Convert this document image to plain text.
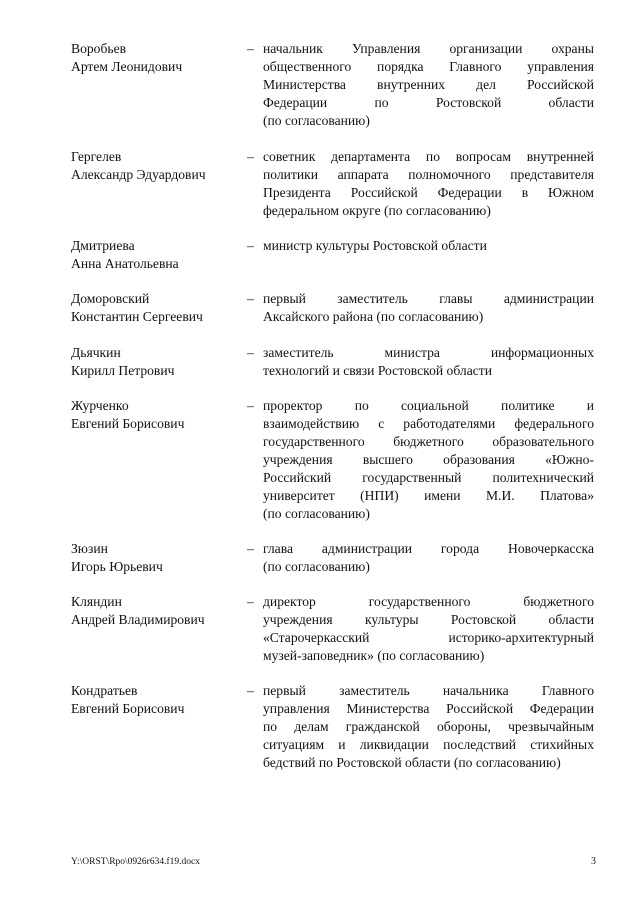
Воробьев
Артем Леонидович
– начальник Управления организации охраны
общественного порядка Главного управления
Министерства внутренних дел Российской
Федерации по Ростовской области
(по согласованию)
Гергелев
Александр Эдуардович
– советник департамента по вопросам внутренней
политики аппарата полномочного представителя
Президента Российской Федерации в Южном
федеральном округе (по согласованию)
Дмитриева
Анна Анатольевна
– министр культуры Ростовской области
Доморовский
Константин Сергеевич
– первый заместитель главы администрации
Аксайского района (по согласованию)
Дьячкин
Кирилл Петрович
– заместитель министра информационных
технологий и связи Ростовской области
Журченко
Евгений Борисович
– проректор по социальной политике и
взаимодействию с работодателями федерального
государственного бюджетного образовательного
учреждения высшего образования «Южно-
Российский государственный политехнический
университет (НПИ) имени М.И. Платова»
(по согласованию)
Зюзин
Игорь Юрьевич
– глава администрации города Новочеркасска
(по согласованию)
Кляндин
Андрей Владимирович
– директор государственного бюджетного
учреждения культуры Ростовской области
«Старочеркасский историко-архитектурный
музей-заповедник» (по согласованию)
Кондратьев
Евгений Борисович
– первый заместитель начальника Главного
управления Министерства Российской Федерации
по делам гражданской обороны, чрезвычайным
ситуациям и ликвидации последствий стихийных
бедствий по Ростовской области (по согласованию)
Y:\ORST\Rpo\0926r634.f19.docx	3
